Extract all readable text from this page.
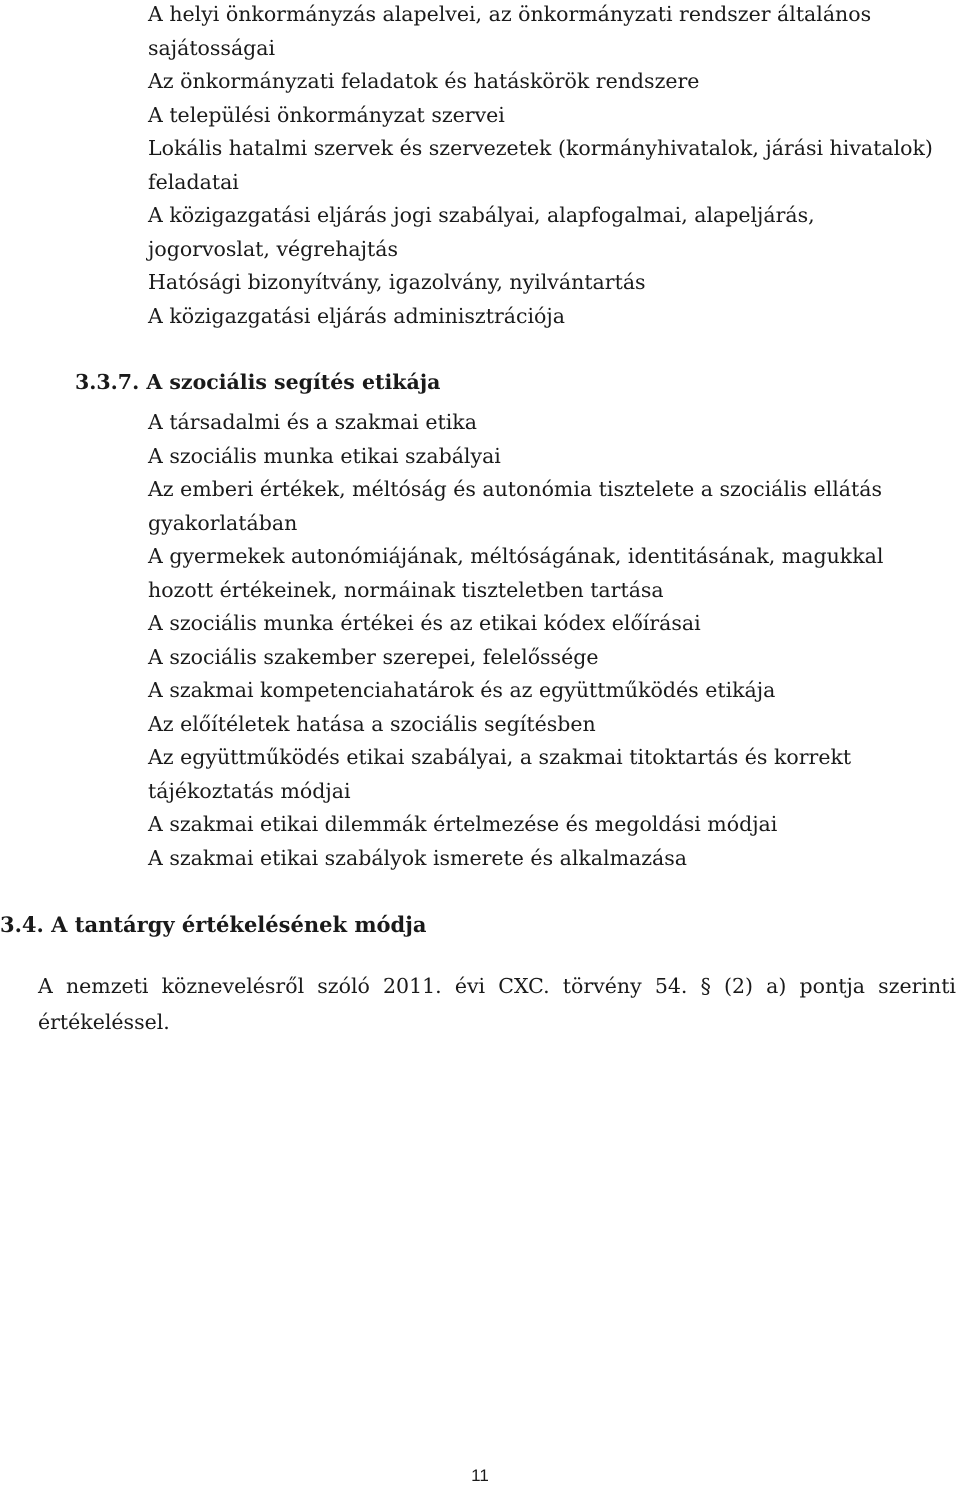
A helyi önkormányzás alapelvei, az önkormányzati rendszer általános sajátosságai
Az önkormányzati feladatok és hatáskörök rendszere
A települési önkormányzat szervei
Lokális hatalmi szervek és szervezetek (kormányhivatalok, járási hivatalok) feladatai
A közigazgatási eljárás jogi szabályai, alapfogalmai, alapeljárás, jogorvoslat, végrehajtás
Hatósági bizonyítvány, igazolvány, nyilvántartás
A közigazgatási eljárás adminisztrációja
3.3.7. A szociális segítés etikája
A társadalmi és a szakmai etika
A szociális munka etikai szabályai
Az emberi értékek, méltóság és autonómia tisztelete a szociális ellátás gyakorlatában
A gyermekek autonómiájának, méltóságának, identitásának, magukkal hozott értékeinek, normáinak tiszteletben tartása
A szociális munka értékei és az etikai kódex előírásai
A szociális szakember szerepei, felelőssége
A szakmai kompetenciahatárok és az együttműködés etikája
Az előítéletek hatása a szociális segítésben
Az együttműködés etikai szabályai, a szakmai titoktartás és korrekt tájékoztatás módjai
A szakmai etikai dilemmák értelmezése és megoldási módjai
A szakmai etikai szabályok ismerete és alkalmazása
3.4. A tantárgy értékelésének módja

A nemzeti köznevelésről szóló 2011. évi CXC. törvény 54. § (2) a) pontja szerinti értékeléssel.

11
